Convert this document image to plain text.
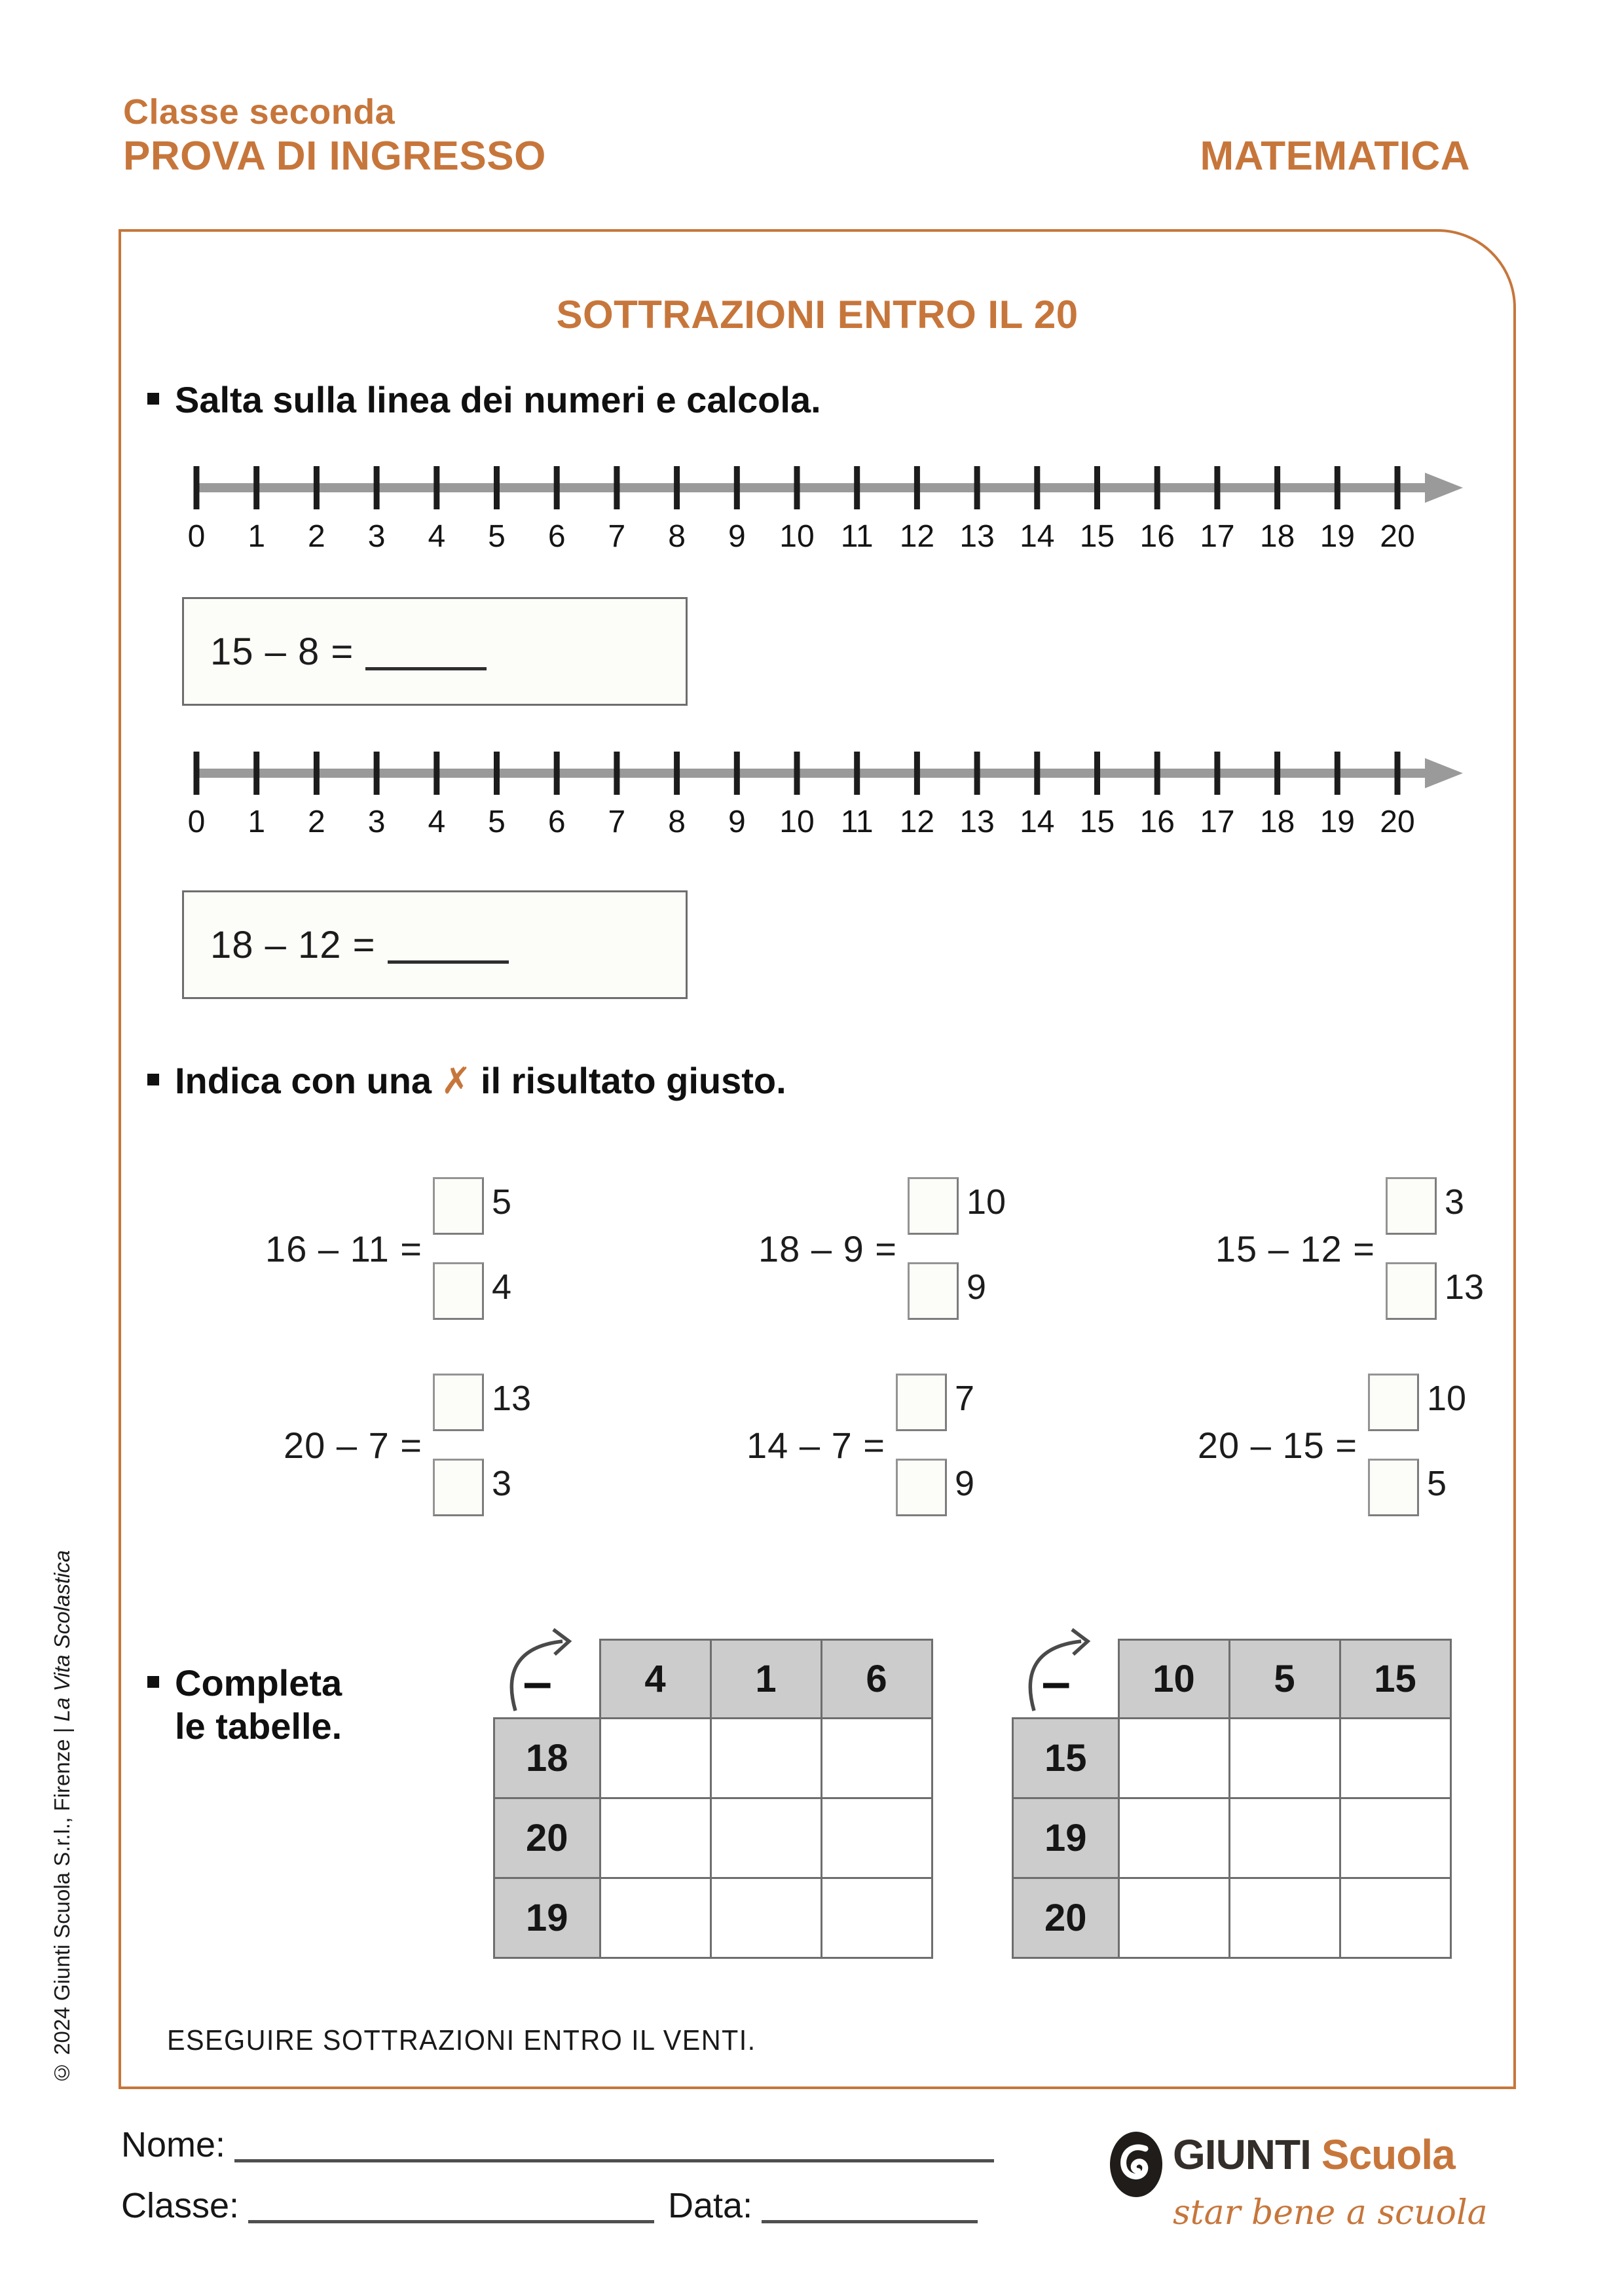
Classe seconda
PROVA DI INGRESSO	MATEMATICA
SOTTRAZIONI ENTRO IL 20
Salta sulla linea dei numeri e calcola.
0 1 2 3 4 5 6 7 8 9 10 11 12 13 14 15 16 17 18 19 20
15 – 8 =
0 1 2 3 4 5 6 7 8 9 10 11 12 13 14 15 16 17 18 19 20
18 – 12 =
Indica con una ✗ il risultato giusto.
16 – 11 =
5
4
18 – 9 =
10
9
15 – 12 =
3
13
20 – 7 =
13
3
14 – 7 =
7
9
20 – 15 =
10
5
Completa
le tabelle.
–	4	1	6
18			
20			
19			
–	10	5	15
15			
19			
20			
ESEGUIRE SOTTRAZIONI ENTRO IL VENTI.
Nome:
Classe:	Data:
GIUNTI Scuola
star bene a scuola
© 2024 Giunti Scuola S.r.l., Firenze | La Vita Scolastica
